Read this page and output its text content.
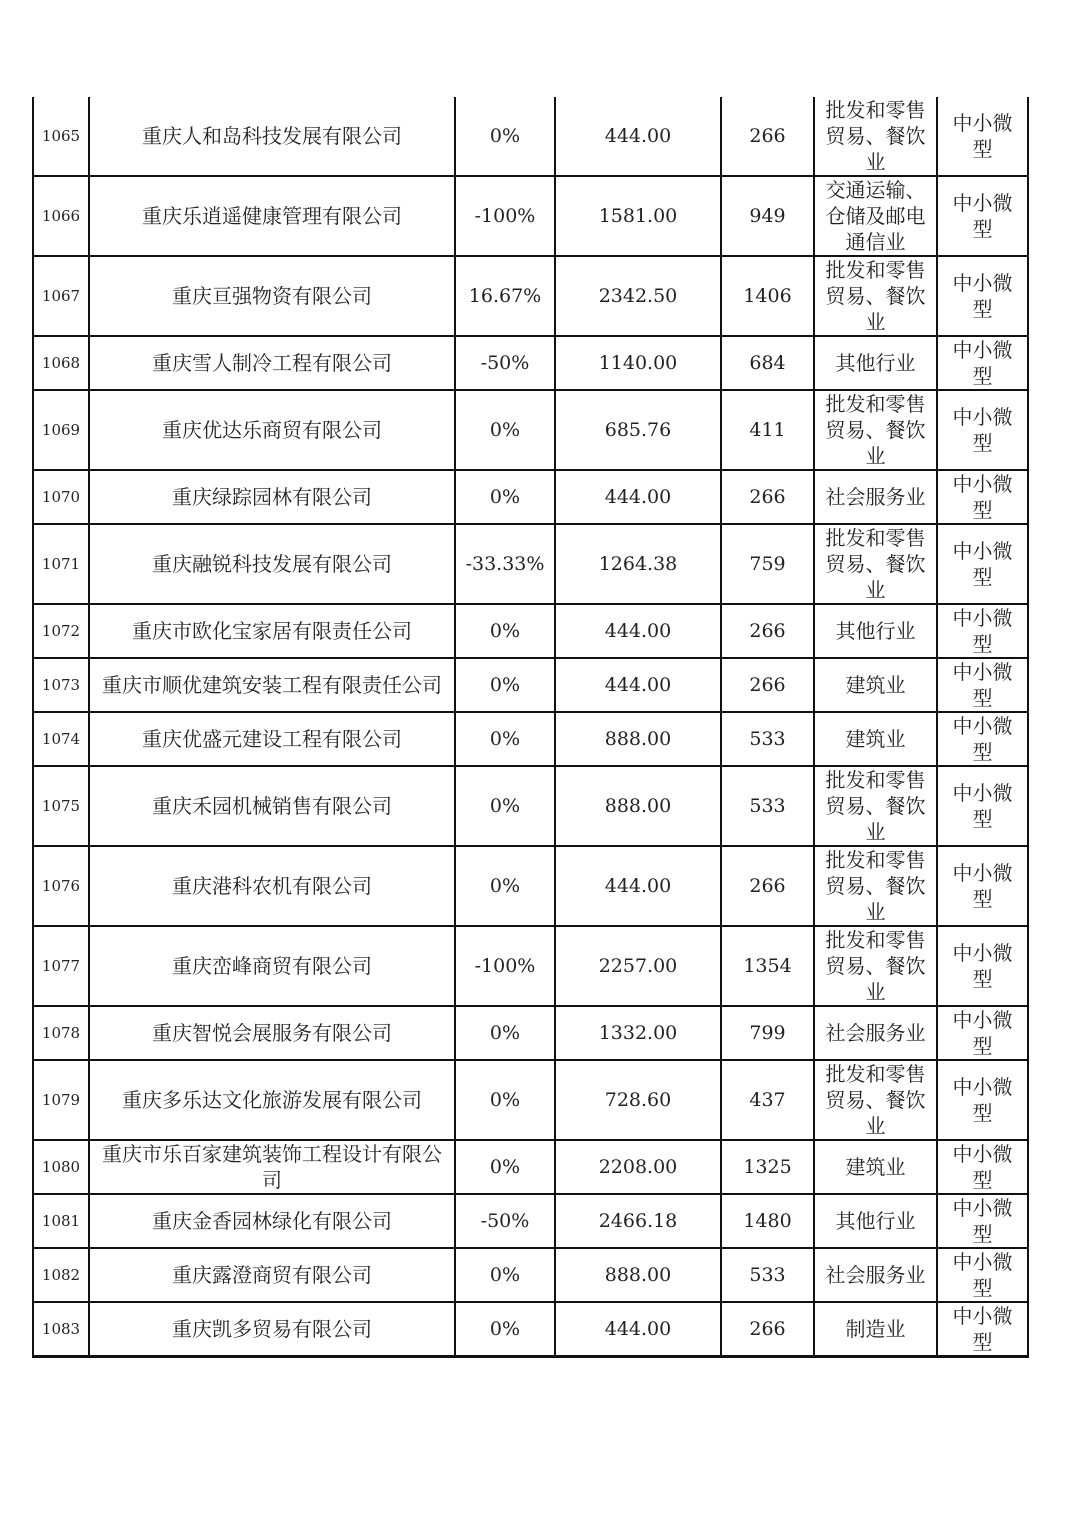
1065	重庆人和岛科技发展有限公司	0%	444.00	266	批发和零售贸易、餐饮业	中小微型
1066	重庆乐逍遥健康管理有限公司	-100%	1581.00	949	交通运输、仓储及邮电通信业	中小微型
1067	重庆亘强物资有限公司	16.67%	2342.50	1406	批发和零售贸易、餐饮业	中小微型
1068	重庆雪人制冷工程有限公司	-50%	1140.00	684	其他行业	中小微型
1069	重庆优达乐商贸有限公司	0%	685.76	411	批发和零售贸易、餐饮业	中小微型
1070	重庆绿踪园林有限公司	0%	444.00	266	社会服务业	中小微型
1071	重庆融锐科技发展有限公司	-33.33%	1264.38	759	批发和零售贸易、餐饮业	中小微型
1072	重庆市欧化宝家居有限责任公司	0%	444.00	266	其他行业	中小微型
1073	重庆市顺优建筑安装工程有限责任公司	0%	444.00	266	建筑业	中小微型
1074	重庆优盛元建设工程有限公司	0%	888.00	533	建筑业	中小微型
1075	重庆禾园机械销售有限公司	0%	888.00	533	批发和零售贸易、餐饮业	中小微型
1076	重庆港科农机有限公司	0%	444.00	266	批发和零售贸易、餐饮业	中小微型
1077	重庆峦峰商贸有限公司	-100%	2257.00	1354	批发和零售贸易、餐饮业	中小微型
1078	重庆智悦会展服务有限公司	0%	1332.00	799	社会服务业	中小微型
1079	重庆多乐达文化旅游发展有限公司	0%	728.60	437	批发和零售贸易、餐饮业	中小微型
1080	重庆市乐百家建筑装饰工程设计有限公司	0%	2208.00	1325	建筑业	中小微型
1081	重庆金香园林绿化有限公司	-50%	2466.18	1480	其他行业	中小微型
1082	重庆露澄商贸有限公司	0%	888.00	533	社会服务业	中小微型
1083	重庆凯多贸易有限公司	0%	444.00	266	制造业	中小微型
